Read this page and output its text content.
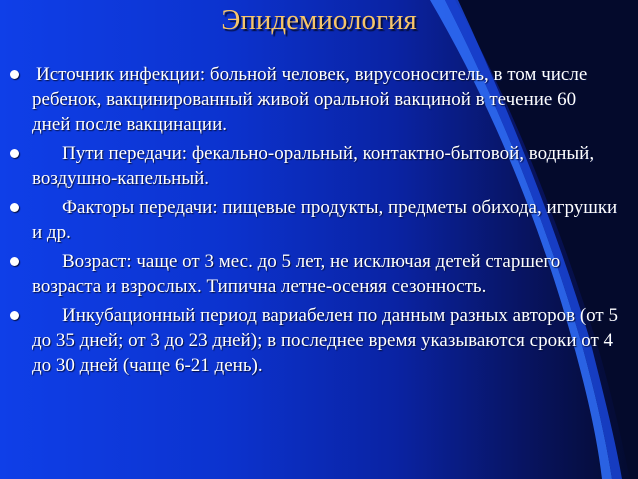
Эпидемиология
Источник инфекции: больной человек, вирусоноситель, в том числе ребенок, вакцинированный живой оральной вакциной в течение 60 дней после вакцинации.
Пути передачи: фекально-оральный, контактно-бытовой, водный, воздушно-капельный.
Факторы передачи: пищевые продукты, предметы обихода, игрушки и др.
Возраст: чаще от 3 мес. до 5 лет, не исключая детей старшего возраста и взрослых. Типична летне-осеняя сезонность.
Инкубационный период вариабелен по данным разных авторов (от 5 до 35 дней; от 3 до 23 дней); в последнее время указываются сроки от 4 до 30 дней (чаще 6-21 день).
